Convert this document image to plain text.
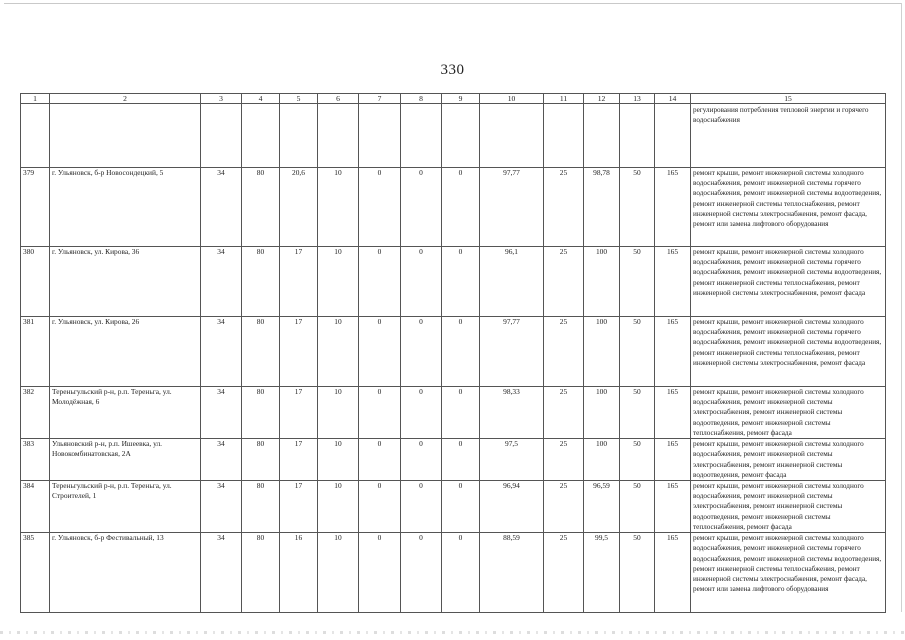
330
1	2	3	4	5	6	7	8	9	10	11	12	13	14	15
														регулирования потребления тепловой энергии и горячего водоснабжения
379	г. Ульяновск, б-р Новосондецкий, 5	34	80	20,6	10	0	0	0	97,77	25	98,78	50	165	ремонт крыши, ремонт инженерной системы холодного водоснабжения, ремонт инженерной системы горячего водоснабжения, ремонт инженерной системы водоотведения, ремонт инженерной системы теплоснабжения, ремонт инженерной системы электроснабжения, ремонт фасада, ремонт или замена лифтового оборудования
380	г. Ульяновск, ул. Кирова, 36	34	80	17	10	0	0	0	96,1	25	100	50	165	ремонт крыши, ремонт инженерной системы холодного водоснабжения, ремонт инженерной системы горячего водоснабжения, ремонт инженерной системы водоотведения, ремонт инженерной системы теплоснабжения, ремонт инженерной системы электроснабжения, ремонт фасада
381	г. Ульяновск, ул. Кирова, 26	34	80	17	10	0	0	0	97,77	25	100	50	165	ремонт крыши, ремонт инженерной системы холодного водоснабжения, ремонт инженерной системы горячего водоснабжения, ремонт инженерной системы водоотведения, ремонт инженерной системы теплоснабжения, ремонт инженерной системы электроснабжения, ремонт фасада
382	Тереньгульский р-н, р.п. Тереньга, ул. Молодёжная, 6	34	80	17	10	0	0	0	98,33	25	100	50	165	ремонт крыши, ремонт инженерной системы холодного водоснабжения, ремонт инженерной системы электроснабжения, ремонт инженерной системы водоотведения, ремонт инженерной системы теплоснабжения, ремонт фасада
383	Ульяновский р-н, р.п. Ишеевка, ул. Новокомбинатовская, 2А	34	80	17	10	0	0	0	97,5	25	100	50	165	ремонт крыши, ремонт инженерной системы холодного водоснабжения, ремонт инженерной системы электроснабжения, ремонт инженерной системы водоотведения, ремонт фасада
384	Тереньгульский р-н, р.п. Тереньга, ул. Строителей, 1	34	80	17	10	0	0	0	96,94	25	96,59	50	165	ремонт крыши, ремонт инженерной системы холодного водоснабжения, ремонт инженерной системы электроснабжения, ремонт инженерной системы водоотведения, ремонт инженерной системы теплоснабжения, ремонт фасада
385	г. Ульяновск, б-р Фестивальный, 13	34	80	16	10	0	0	0	88,59	25	99,5	50	165	ремонт крыши, ремонт инженерной системы холодного водоснабжения, ремонт инженерной системы горячего водоснабжения, ремонт инженерной системы водоотведения, ремонт инженерной системы теплоснабжения, ремонт инженерной системы электроснабжения, ремонт фасада, ремонт или замена лифтового оборудования
